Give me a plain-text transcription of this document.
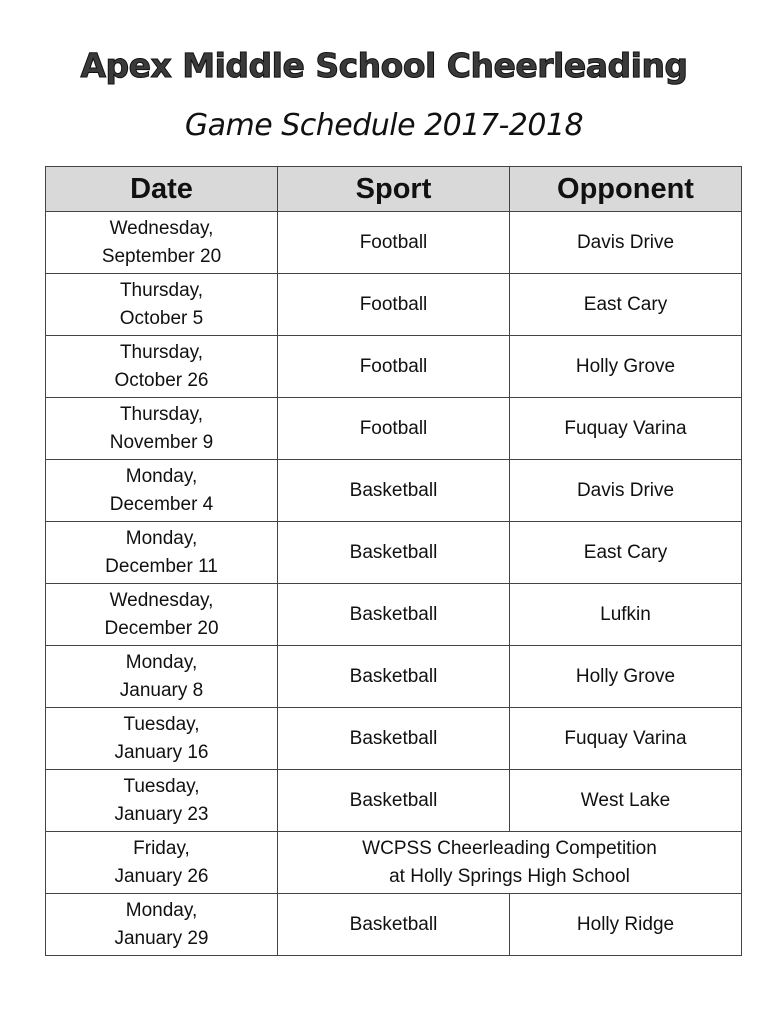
Apex Middle School Cheerleading
Game Schedule 2017-2018
Date	Sport	Opponent

Wednesday,
September 20	Football	Davis Drive

Thursday,
October 5	Football	East Cary

Thursday,
October 26	Football	Holly Grove

Thursday,
November 9	Football	Fuquay Varina

Monday,
December 4	Basketball	Davis Drive

Monday,
December 11	Basketball	East Cary

Wednesday,
December 20	Basketball	Lufkin

Monday,
January 8	Basketball	Holly Grove

Tuesday,
January 16	Basketball	Fuquay Varina

Tuesday,
January 23	Basketball	West Lake

Friday,
January 26	WCPSS Cheerleading Competition
at Holly Springs High School	

Monday,
January 29	Basketball	Holly Ridge
